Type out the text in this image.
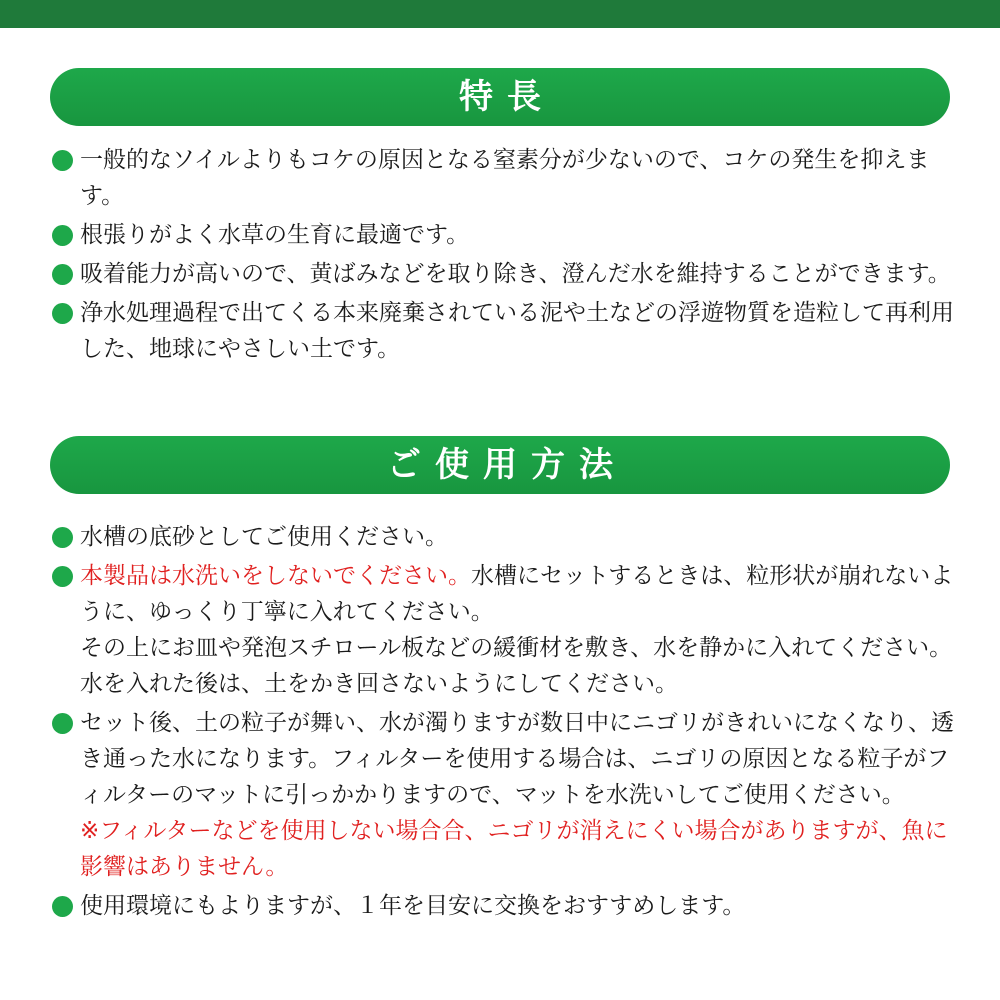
特長
一般的なソイルよりもコケの原因となる窒素分が少ないので、コケの発生を抑えます。
根張りがよく水草の生育に最適です。
吸着能力が高いので、黄ばみなどを取り除き、澄んだ水を維持することができます。
浄水処理過程で出てくる本来廃棄されている泥や土などの浮遊物質を造粒して再利用した、地球にやさしい土です。
ご使用方法
水槽の底砂としてご使用ください。
本製品は水洗いをしないでください。水槽にセットするときは、粒形状が崩れないように、ゆっくり丁寧に入れてください。
その上にお皿や発泡スチロール板などの緩衝材を敷き、水を静かに入れてください。水を入れた後は、土をかき回さないようにしてください。
セット後、土の粒子が舞い、水が濁りますが数日中にニゴリがきれいになくなり、透き通った水になります。フィルターを使用する場合は、ニゴリの原因となる粒子がフィルターのマットに引っかかりますので、マットを水洗いしてご使用ください。
※フィルターなどを使用しない場合合、ニゴリが消えにくい場合がありますが、魚に影響はありません。
使用環境にもよりますが、１年を目安に交換をおすすめします。
